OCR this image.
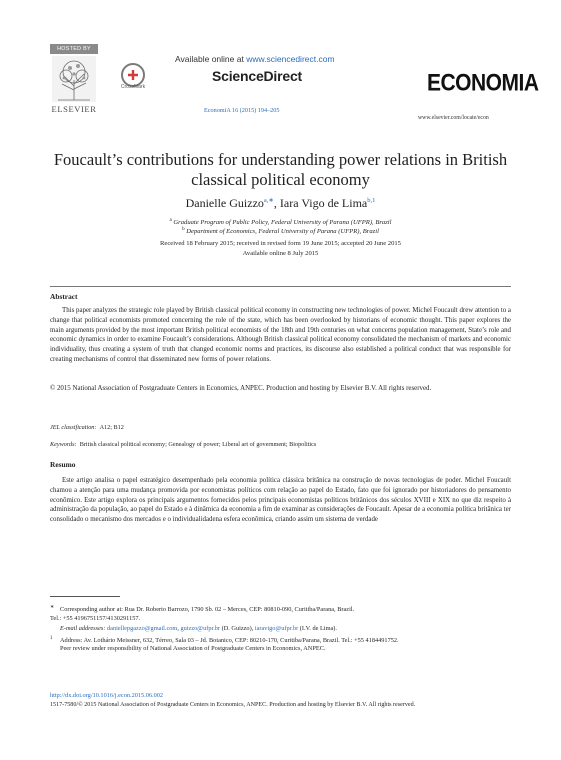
HOSTED BY
ELSEVIER
CrossMark
Available online at www.sciencedirect.com
ScienceDirect
EconomiA 16 (2015) 194–205
ECONOMIA
www.elsevier.com/locate/econ
Foucault’s contributions for understanding power relations in British classical political economy
Danielle Guizzo$^{a,∗}$, Iara Vigo de Lima$^{b,1}$
$^a$ Graduate Program of Public Policy, Federal University of Parana (UFPR), Brazil
$^b$ Department of Economics, Federal University of Parana (UFPR), Brazil
Received 18 February 2015; received in revised form 19 June 2015; accepted 20 June 2015
Available online 8 July 2015
Abstract
This paper analyzes the strategic role played by British classical political economy in constructing new technologies of power. Michel Foucault drew attention to a change that political economists promoted concerning the role of the state, which has been overlooked by historians of economic thought. This paper explores the main arguments provided by the most important British political economists of the 18th and 19th centuries on what concerns population management, State’s role and economic dynamics in order to examine Foucault’s considerations. Although British classical political economy consolidated the mechanism of markets and economic individuality, thus creating a system of truth that changed economic norms and practices, its discourse also established a political conduct that was responsible for creating mechanisms of control that disseminated new forms of power relations.
© 2015 National Association of Postgraduate Centers in Economics, ANPEC. Production and hosting by Elsevier B.V. All rights reserved.
JEL classification: A12; B12
Keywords: British classical political economy; Genealogy of power; Liberal art of government; Biopolitics
Resumo
Este artigo analisa o papel estratégico desempenhado pela economia política clássica britânica na construção de novas tecnologias de poder. Michel Foucault chamou a atenção para uma mudança promovida por economistas políticos com relação ao papel do Estado, fato que foi ignorado por historiadores do pensamento econômico. Este artigo explora os principais argumentos fornecidos pelos principais economistas políticos britânicos dos séculos XVIII e XIX no que diz respeito à administração da população, ao papel do Estado e à dinâmica da economia a fim de examinar as considerações de Foucault. Apesar de a economia política britânica ter consolidado o mecanismo dos mercados e o individualidadena esfera econômica, criando assim um sistema de verdade
∗ Corresponding author at: Rua Dr. Roberto Barrozo, 1790 Sb. 02 – Merces, CEP: 80810-090, Curitiba/Parana, Brazil.
Tel.: +55 4196751157/4130291157.
E-mail addresses: daniellepgazzo@gmail.com, guizzo@ufpr.br (D. Guizzo), iaravigo@ufpr.br (I.V. de Lima).
$^1$ Address: Av. Lothário Meissner, 632, Térreo, Sala 03 – Jd. Botanico, CEP: 80210-170, Curitiba/Parana, Brazil. Tel.: +55 4184491752.
Peer review under responsibility of National Association of Postgraduate Centers in Economics, ANPEC.
http://dx.doi.org/10.1016/j.econ.2015.06.002
1517-7580/© 2015 National Association of Postgraduate Centers in Economics, ANPEC. Production and hosting by Elsevier B.V. All rights reserved.
